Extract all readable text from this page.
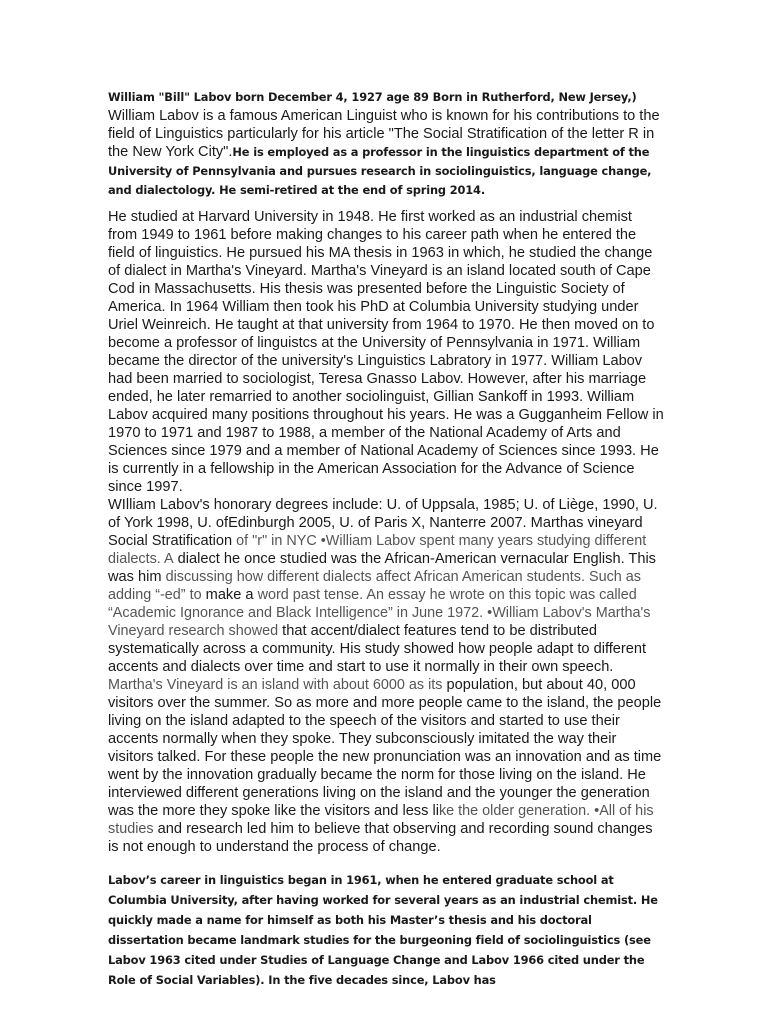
William "Bill" Labov born December 4, 1927 age 89 Born in Rutherford, New Jersey,) William Labov is a famous American Linguist who is known for his contributions to the field of Linguistics particularly for his article "The Social Stratification of the letter R in the New York City".He is employed as a professor in the linguistics department of the University of Pennsylvania and pursues research in sociolinguistics, language change, and dialectology. He semi-retired at the end of spring 2014.

He studied at Harvard University in 1948. He first worked as an industrial chemist from 1949 to 1961 before making changes to his career path when he entered the field of linguistics. He pursued his MA thesis in 1963 in which, he studied the change of dialect in Martha's Vineyard. Martha's Vineyard is an island located south of Cape Cod in Massachusetts. His thesis was presented before the Linguistic Society of America. In 1964 William then took his PhD at Columbia University studying under Uriel Weinreich. He taught at that university from 1964 to 1970. He then moved on to become a professor of linguistcs at the University of Pennsylvania in 1971. William became the director of the university's Linguistics Labratory in 1977. William Labov had been married to sociologist, Teresa Gnasso Labov. However, after his marriage ended, he later remarried to another sociolinguist, Gillian Sankoff in 1993. William Labov acquired many positions throughout his years. He was a Gugganheim Fellow in 1970 to 1971 and 1987 to 1988, a member of the National Academy of Arts and Sciences since 1979 and a member of National Academy of Sciences since 1993. He is currently in a fellowship in the American Association for the Advance of Science since 1997.

WIlliam Labov's honorary degrees include: U. of Uppsala, 1985; U. of Liège, 1990, U. of York 1998, U. ofEdinburgh 2005, U. of Paris X, Nanterre 2007. Marthas vineyard Social Stratification of "r" in NYC •William Labov spent many years studying different dialects. A dialect he once studied was the African-American vernacular English. This was him discussing how different dialects affect African American students. Such as adding “-ed” to make a word past tense. An essay he wrote on this topic was called “Academic Ignorance and Black Intelligence” in June 1972. •William Labov's Martha's Vineyard research showed that accent/dialect features tend to be distributed systematically across a community. His study showed how people adapt to different accents and dialects over time and start to use it normally in their own speech. Martha's Vineyard is an island with about 6000 as its population, but about 40, 000 visitors over the summer. So as more and more people came to the island, the people living on the island adapted to the speech of the visitors and started to use their accents normally when they spoke. They subconsciously imitated the way their visitors talked. For these people the new pronunciation was an innovation and as time went by the innovation gradually became the norm for those living on the island. He interviewed different generations living on the island and the younger the generation was the more they spoke like the visitors and less like the older generation. •All of his studies and research led him to believe that observing and recording sound changes is not enough to understand the process of change.

Labov’s career in linguistics began in 1961, when he entered graduate school at Columbia University, after having worked for several years as an industrial chemist. He quickly made a name for himself as both his Master’s thesis and his doctoral dissertation became landmark studies for the burgeoning field of sociolinguistics (see Labov 1963 cited under Studies of Language Change and Labov 1966 cited under the Role of Social Variables). In the five decades since, Labov has
